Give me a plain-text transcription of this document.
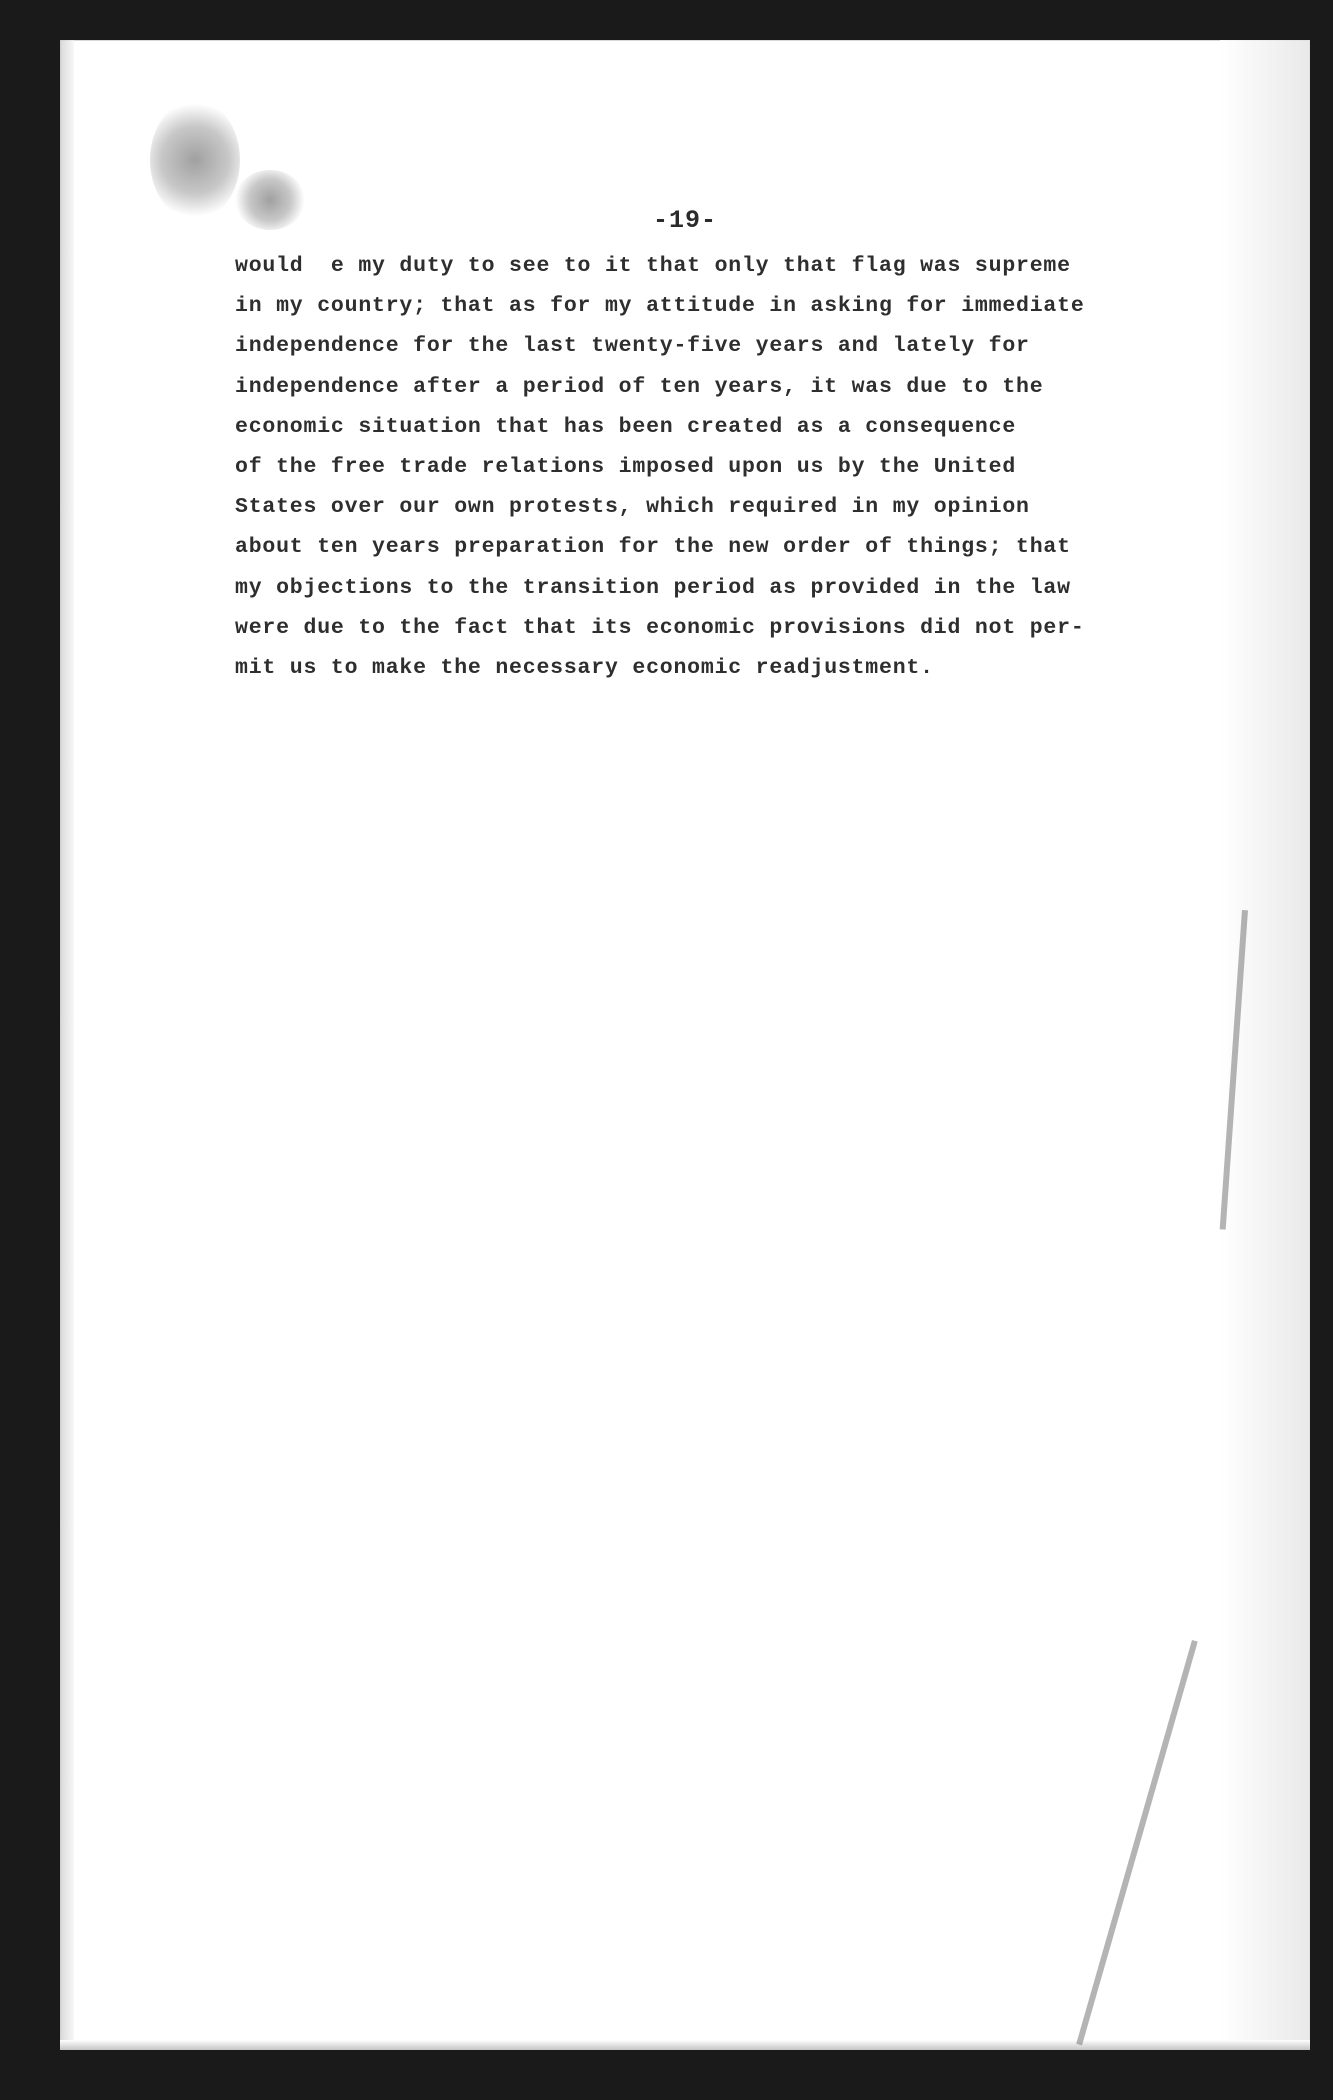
-19-
would  e my duty to see to it that only that flag was supreme
in my country; that as for my attitude in asking for immediate
independence for the last twenty-five years and lately for
independence after a period of ten years, it was due to the
economic situation that has been created as a consequence
of the free trade relations imposed upon us by the United
States over our own protests, which required in my opinion
about ten years preparation for the new order of things; that
my objections to the transition period as provided in the law
were due to the fact that its economic provisions did not per-
mit us to make the necessary economic readjustment.
